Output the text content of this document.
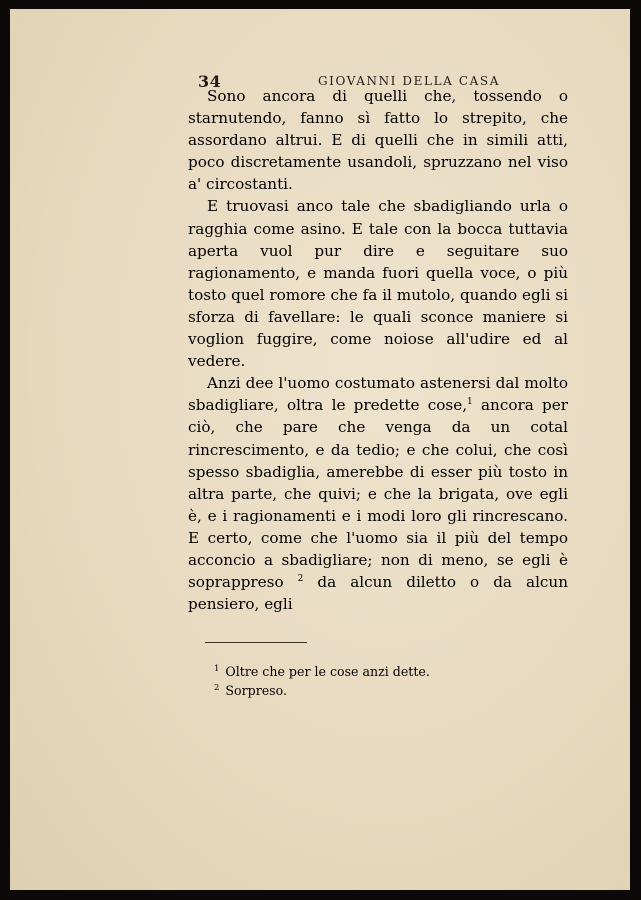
34	GIOVANNI DELLA CASA

Sono ancora di quelli che, tossendo o starnutendo, fanno sì fatto lo strepito, che assordano altrui. E di quelli che in simili atti, poco discretamente usandoli, spruzzano nel viso a' circostanti.

E truovasi anco tale che sbadigliando urla o ragghia come asino. E tale con la bocca tuttavia aperta vuol pur dire e seguitare suo ragionamento, e manda fuori quella voce, o più tosto quel romore che fa il mutolo, quando egli si sforza di favellare: le quali sconce maniere si voglion fuggire, come noiose all'udire ed al vedere.

Anzi dee l'uomo costumato astenersi dal molto sbadigliare, oltra le predette cose,$^1$ ancora per ciò, che pare che venga da un cotal rincrescimento, e da tedio; e che colui, che così spesso sbadiglia, amerebbe di esser più tosto in altra parte, che quivi; e che la brigata, ove egli è, e i ragionamenti e i modi loro gli rincrescano. E certo, come che l'uomo sia il più del tempo acconcio a sbadigliare; non di meno, se egli è soprappreso $^2$ da alcun diletto o da alcun pensiero, egli

$^1$ Oltre che per le cose anzi dette.
$^2$ Sorpreso.
